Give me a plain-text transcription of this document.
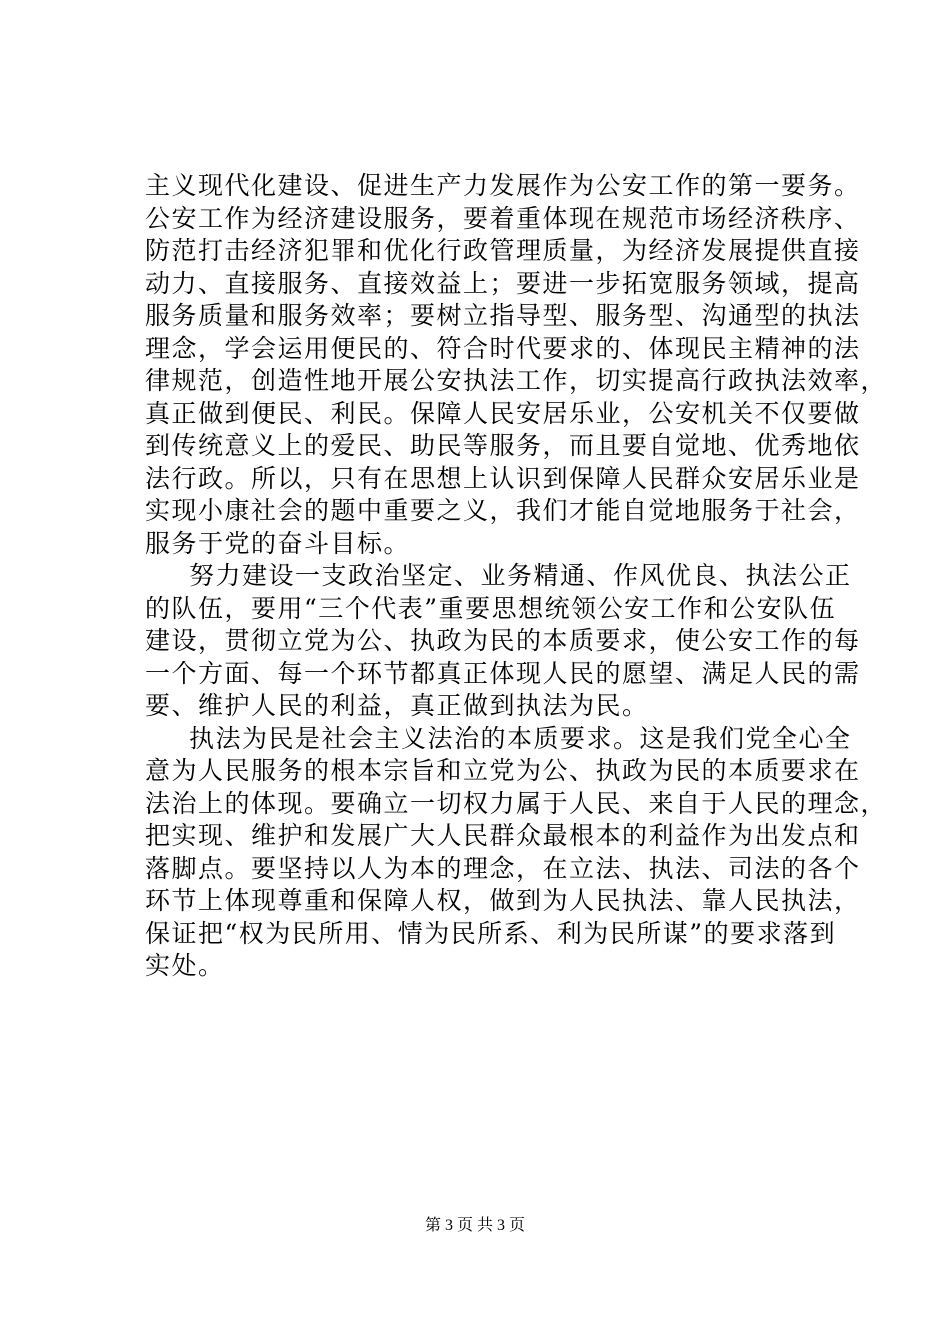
主义现代化建设、促进生产力发展作为公安工作的第一要务。
公安工作为经济建设服务，要着重体现在规范市场经济秩序、
防范打击经济犯罪和优化行政管理质量，为经济发展提供直接
动力、直接服务、直接效益上；要进一步拓宽服务领域，提高
服务质量和服务效率；要树立指导型、服务型、沟通型的执法
理念，学会运用便民的、符合时代要求的、体现民主精神的法
律规范，创造性地开展公安执法工作，切实提高行政执法效率，
真正做到便民、利民。保障人民安居乐业，公安机关不仅要做
到传统意义上的爱民、助民等服务，而且要自觉地、优秀地依
法行政。所以，只有在思想上认识到保障人民群众安居乐业是
实现小康社会的题中重要之义，我们才能自觉地服务于社会，
服务于党的奋斗目标。
努力建设一支政治坚定、业务精通、作风优良、执法公正
的队伍，要用“三个代表”重要思想统领公安工作和公安队伍
建设，贯彻立党为公、执政为民的本质要求，使公安工作的每
一个方面、每一个环节都真正体现人民的愿望、满足人民的需
要、维护人民的利益，真正做到执法为民。
执法为民是社会主义法治的本质要求。这是我们党全心全
意为人民服务的根本宗旨和立党为公、执政为民的本质要求在
法治上的体现。要确立一切权力属于人民、来自于人民的理念，
把实现、维护和发展广大人民群众最根本的利益作为出发点和
落脚点。要坚持以人为本的理念，在立法、执法、司法的各个
环节上体现尊重和保障人权，做到为人民执法、靠人民执法，
保证把“权为民所用、情为民所系、利为民所谋”的要求落到
实处。
第 3 页 共 3 页
